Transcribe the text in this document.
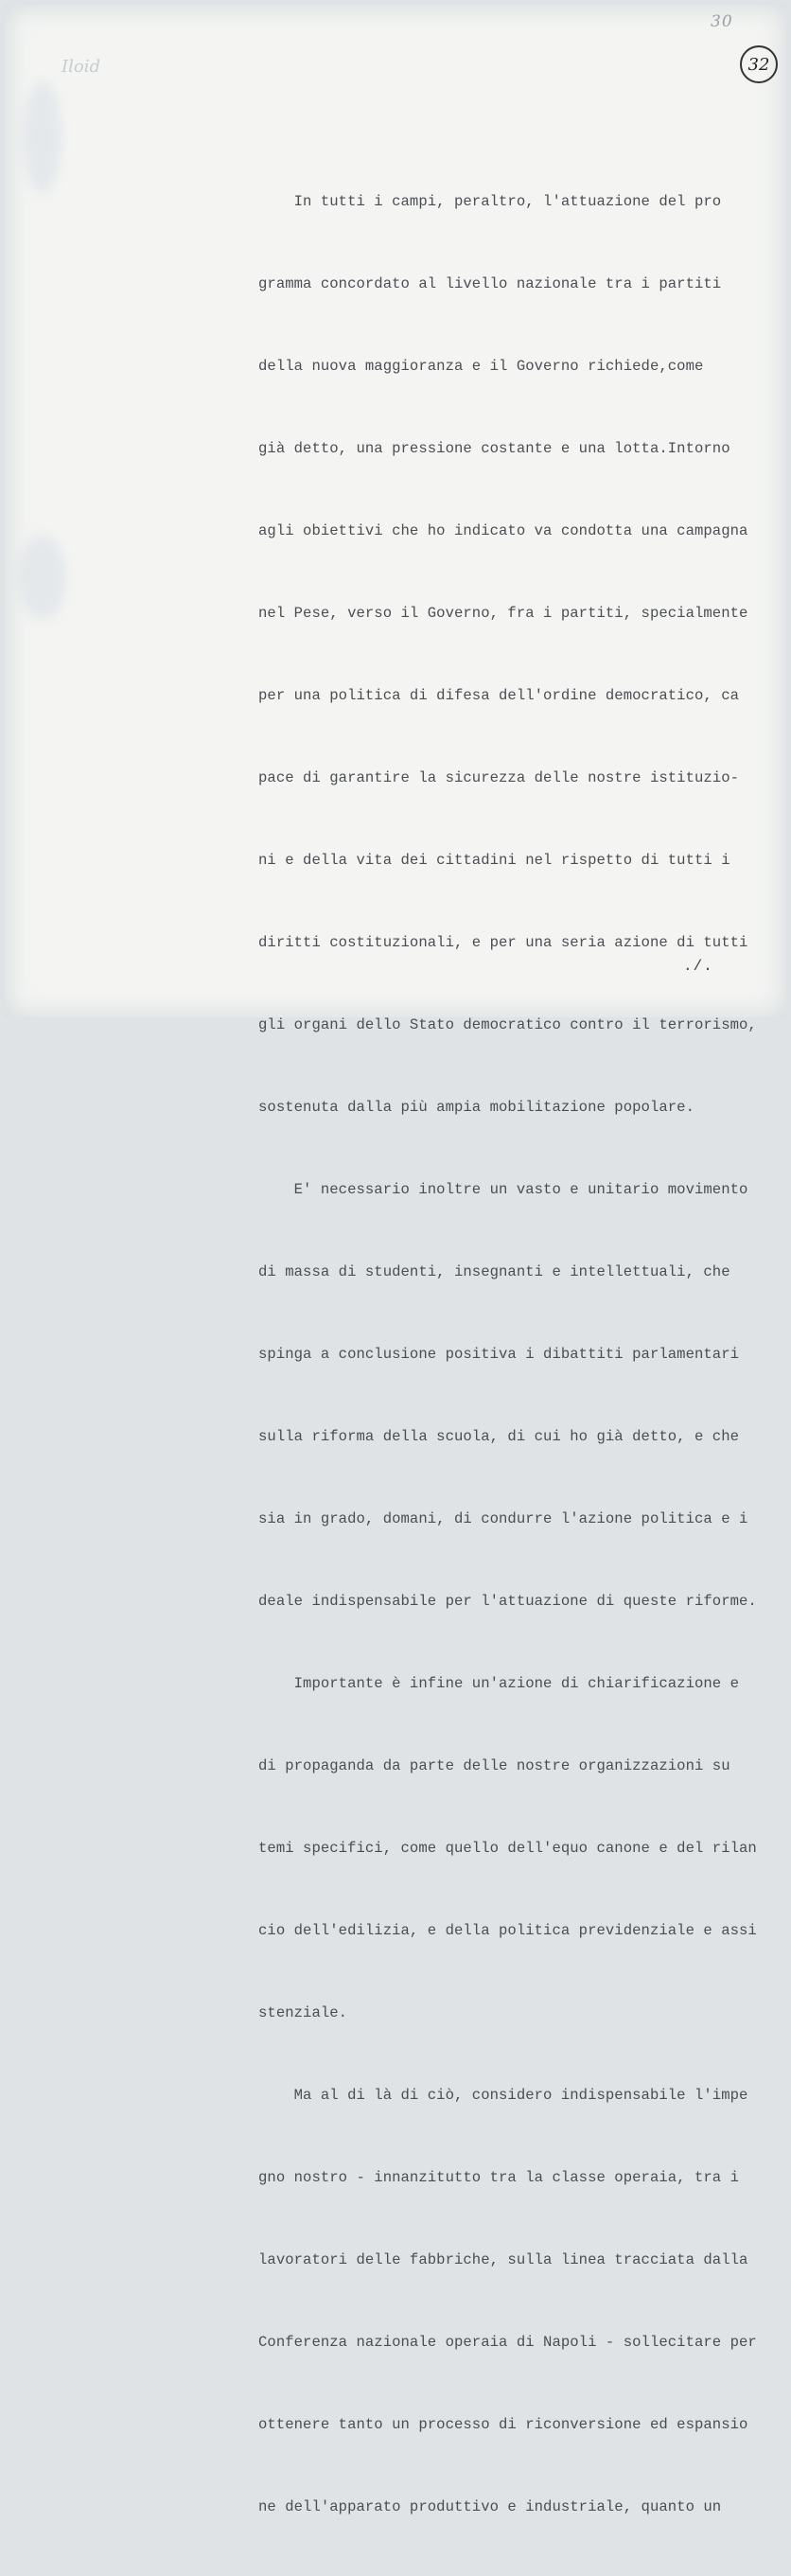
Iloid
30
32

In tutti i campi, peraltro, l'attuazione del pro

gramma concordato al livello nazionale tra i partiti

della nuova maggioranza e il Governo richiede,come

già detto, una pressione costante e una lotta.Intorno

agli obiettivi che ho indicato va condotta una campagna

nel Pese, verso il Governo, fra i partiti, specialmente

per una politica di difesa dell'ordine democratico, ca

pace di garantire la sicurezza delle nostre istituzio-

ni e della vita dei cittadini nel rispetto di tutti i

diritti costituzionali, e per una seria azione di tutti

gli organi dello Stato democratico contro il terrorismo,

sostenuta dalla più ampia mobilitazione popolare.

E' necessario inoltre un vasto e unitario movimento

di massa di studenti, insegnanti e intellettuali, che

spinga a conclusione positiva i dibattiti parlamentari

sulla riforma della scuola, di cui ho già detto, e che

sia in grado, domani, di condurre l'azione politica e i

deale indispensabile per l'attuazione di queste riforme.

Importante è infine un'azione di chiarificazione e

di propaganda da parte delle nostre organizzazioni su

temi specifici, come quello dell'equo canone e del rilan

cio dell'edilizia, e della politica previdenziale e assi

stenziale.

Ma al di là di ciò, considero indispensabile l'impe

gno nostro - innanzitutto tra la classe operaia, tra i

lavoratori delle fabbriche, sulla linea tracciata dalla

Conferenza nazionale operaia di Napoli - sollecitare per

ottenere tanto un processo di riconversione ed espansio

ne dell'apparato produttivo e industriale, quanto un

./.
